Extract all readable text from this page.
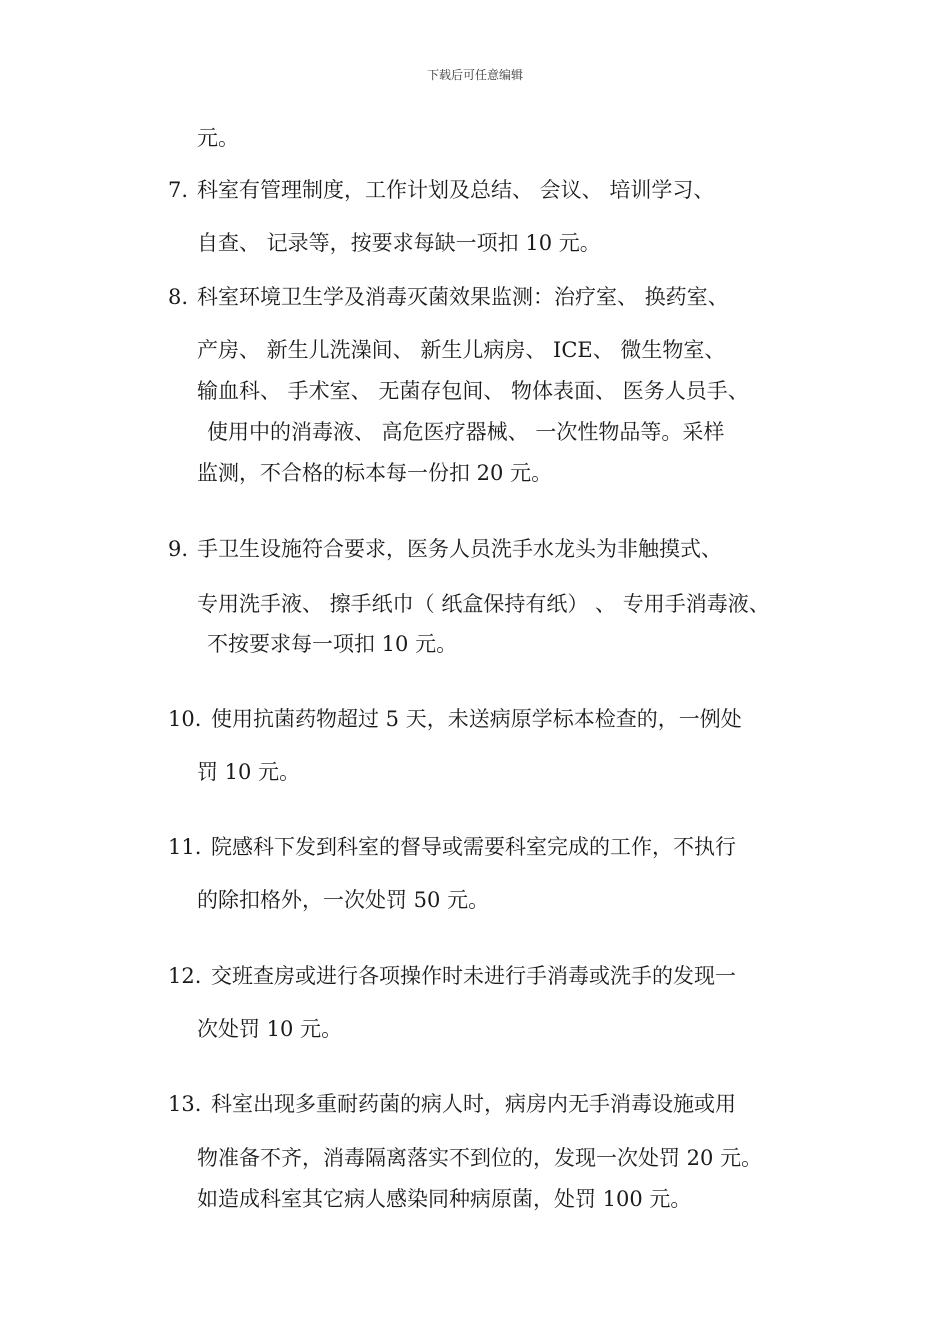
下载后可任意编辑
元。
7. 科室有管理制度，工作计划及总结、 会议、 培训学习、
自查、 记录等，按要求每缺一项扣 10 元。
8. 科室环境卫生学及消毒灭菌效果监测：治疗室、 换药室、
产房、 新生儿洗澡间、 新生儿病房、 ICE、 微生物室、
输血科、 手术室、 无菌存包间、 物体表面、 医务人员手、
使用中的消毒液、 高危医疗器械、 一次性物品等。采样
监测，不合格的标本每一份扣 20 元。
9. 手卫生设施符合要求，医务人员洗手水龙头为非触摸式、
专用洗手液、 擦手纸巾（ 纸盒保持有纸） 、 专用手消毒液、
不按要求每一项扣 10 元。
10. 使用抗菌药物超过 5 天，未送病原学标本检查的，一例处
罚 10 元。
11. 院感科下发到科室的督导或需要科室完成的工作，不执行
的除扣格外，一次处罚 50 元。
12. 交班查房或进行各项操作时未进行手消毒或洗手的发现一
次处罚 10 元。
13. 科室出现多重耐药菌的病人时，病房内无手消毒设施或用
物准备不齐，消毒隔离落实不到位的，发现一次处罚 20 元。
如造成科室其它病人感染同种病原菌，处罚 100 元。
